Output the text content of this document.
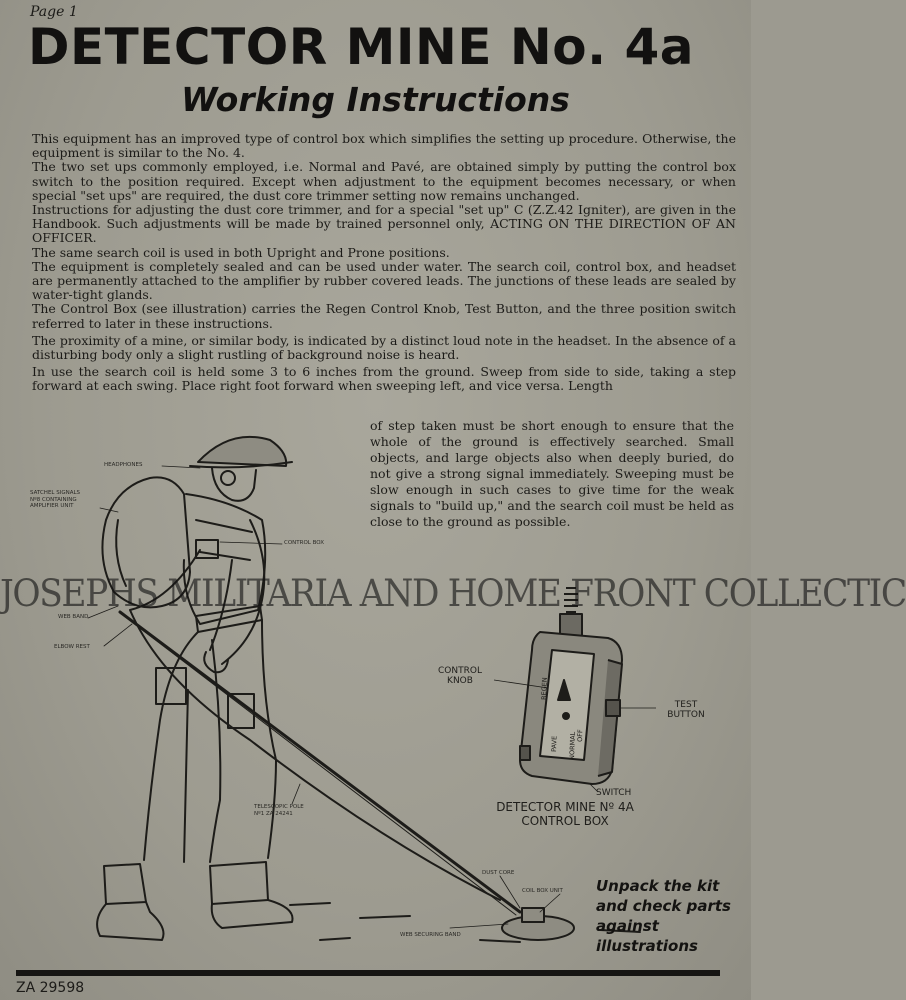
Page 1
DETECTOR MINE No. 4a
Working Instructions

This equipment has an improved type of control box which simplifies the setting up procedure. Otherwise, the equipment is similar to the No. 4.

The two set ups commonly employed, i.e. Normal and Pavé, are obtained simply by putting the control box switch to the position required. Except when adjustment to the equipment becomes necessary, or when special "set ups" are required, the dust core trimmer setting now remains unchanged.

Instructions for adjusting the dust core trimmer, and for a special "set up" C (Z.Z.42 Igniter), are given in the Handbook. Such adjustments will be made by trained personnel only, ACTING ON THE DIRECTION OF AN OFFICER.

The same search coil is used in both Upright and Prone positions.

The equipment is completely sealed and can be used under water. The search coil, control box, and headset are permanently attached to the amplifier by rubber covered leads. The junctions of these leads are sealed by water-tight glands.

The Control Box (see illustration) carries the Regen Control Knob, Test Button, and the three position switch referred to later in these instructions.

The proximity of a mine, or similar body, is indicated by a distinct loud note in the headset. In the absence of a disturbing body only a slight rustling of background noise is heard.

In use the search coil is held some 3 to 6 inches from the ground. Sweep from side to side, taking a step forward at each swing. Place right foot forward when sweeping left, and vice versa. Length

of step taken must be short enough to ensure that the whole of the ground is effectively searched. Small objects, and large objects also when deeply buried, do not give a strong signal immediately. Sweeping must be slow enough in such cases to give time for the weak signals to "build up," and the search coil must be held as close to the ground as possible.
REGEN
NORMAL
PAVE
OFF
HEADPHONES
SATCHEL SIGNALS
Nº8 CONTAINING
AMPLIFIER UNIT
CONTROL BOX
WEB BAND
ELBOW REST
TELESCOPIC POLE
Nº1 ZA 24241
DUST CORE
COIL BOX UNIT
WEB SECURING BAND
CONTROL
KNOB
TEST
BUTTON
SWITCH
DETECTOR MINE Nº 4A
CONTROL BOX
Unpack the kit and check parts against illustrations
JOSEPHS MILITARIA AND HOME FRONT COLLECTIC
ZA 29598
